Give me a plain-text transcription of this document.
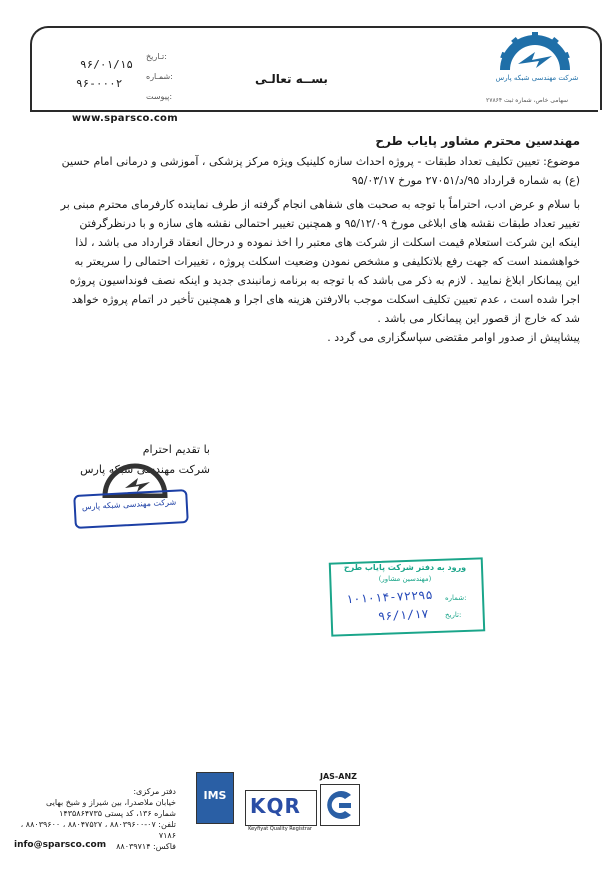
۹۶/۰۱/۱۵
تـاريخ:
۹۶-۰۰۰۲
شمـاره:
پیوست:
بســه تعالـی	شرکت مهندسی شبکه پارس
سهامی خاص، شماره ثبت ۲۷۸۶۴
www.sparsco.com
مهندسین محترم مشاور پایاب طرح
موضوع: تعیین تکلیف تعداد طبقات - پروژه احداث سازه کلینیک ویژه مرکز پزشکی ، آموزشی و درمانی امام حسین (ع) به شماره قرارداد ۹۵/د/۲۷۰۵۱ مورخ ۹۵/۰۳/۱۷
با سلام و عرض ادب، احتراماً با توجه به صحبت های شفاهی انجام گرفته از طرف نماینده کارفرمای محترم مبنی بر تغییر تعداد طبقات نقشه های ابلاغی مورخ ۹۵/۱۲/۰۹ و همچنین تغییر احتمالی نقشه های سازه و با درنظرگرفتن اینکه این شرکت استعلام قیمت اسکلت از شرکت های معتبر را اخذ نموده و درحال انعقاد قرارداد می باشد ، لذا خواهشمند است که جهت رفع بلاتکلیفی و مشخص نمودن وضعیت اسکلت پروژه ، تغییرات احتمالی را سریعتر به این پیمانکار ابلاغ نمایید . لازم به ذکر می باشد که با توجه به برنامه زمانبندی جدید و اینکه نصف فونداسیون پروژه اجرا شده است ، عدم تعیین تکلیف اسکلت موجب بالارفتن هزینه های اجرا و همچنین تأخیر در اتمام پروژه خواهد شد که خارج از قصور این پیمانکار می باشد .
پیشاپیش از صدور اوامر مقتضی سپاسگزاری می گردد .
با تقدیم احترام
شرکت مهندسی شبکه پارس
شرکت مهندسی شبکه پارس
ورود به دفتر شرکت پایاب طرح
(مهندسین مشاور)
۱۰۱۰۱۴-۷۲۲۹۵ شماره:
۹۶/۱/۱۷ تاریخ:
دفتر مرکزی:
خیابان ملاصدرا، بین شیراز و شیخ بهایی
شماره ۱۳۶، کد پستی ۱۴۳۵۸۶۴۷۳۵
تلفن: ۰۷-۸۸۰۳۹۶۰۰ ، ۸۸۰۴۷۵۲۷ ، ۸۸۰۳۹۶۰۰ ، ۷۱۸۶
فاکس: ۸۸۰۳۹۷۱۴
info@sparsco.com
IMS	KQR
Keyfiyat Quality Registrar
JAS-ANZ
